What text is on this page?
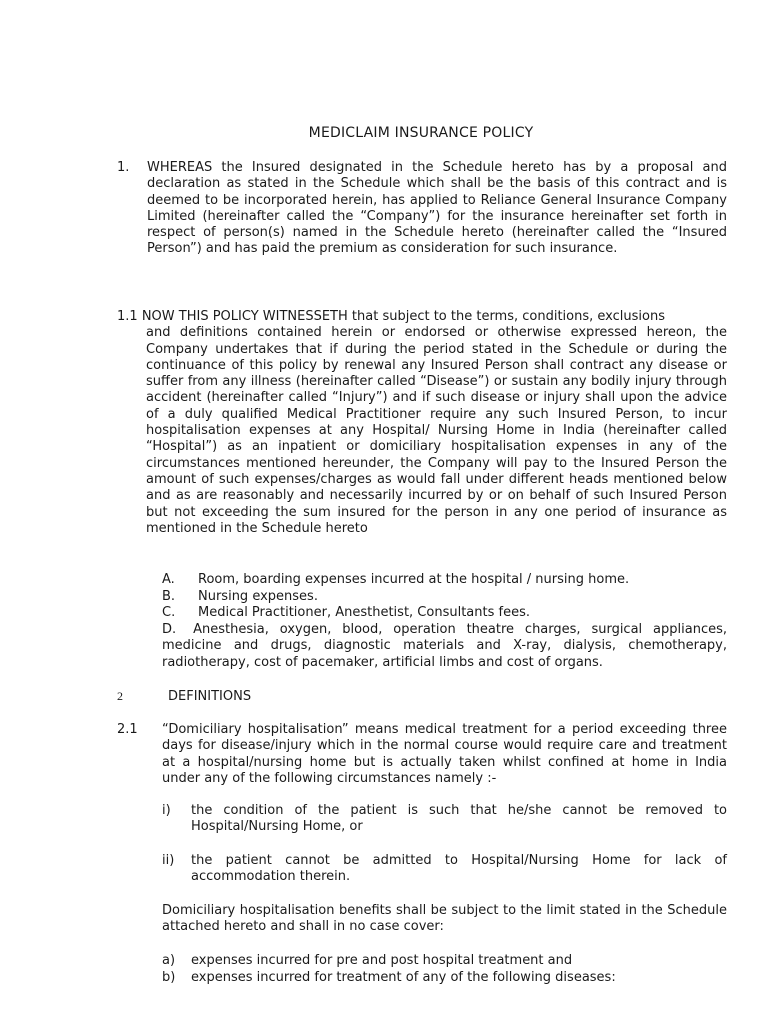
MEDICLAIM INSURANCE POLICY
1. WHEREAS the Insured designated in the Schedule hereto has by a proposal and declaration as stated in the Schedule which shall be the basis of this contract and is deemed to be incorporated herein, has applied to Reliance General Insurance Company Limited (hereinafter called the “Company”) for the insurance hereinafter set forth in respect of person(s) named in the Schedule hereto (hereinafter called the “Insured Person”) and has paid the premium as consideration for such insurance.
1.1 NOW THIS POLICY WITNESSETH that subject to the terms, conditions, exclusions
and definitions contained herein or endorsed or otherwise expressed hereon, the Company undertakes that if during the period stated in the Schedule or during the continuance of this policy by renewal any Insured Person shall contract any disease or suffer from any illness (hereinafter called “Disease”) or sustain any bodily injury through accident (hereinafter called “Injury”) and if such disease or injury shall upon the advice of a duly qualified Medical Practitioner require any such Insured Person, to incur hospitalisation expenses at any Hospital/ Nursing Home in India (hereinafter called “Hospital”) as an inpatient or domiciliary hospitalisation expenses in any of the circumstances mentioned hereunder, the Company will pay to the Insured Person the amount of such expenses/charges as would fall under different heads mentioned below and as are reasonably and necessarily incurred by or on behalf of such Insured Person but not exceeding the sum insured for the person in any one period of insurance as mentioned in the Schedule hereto
A. Room, boarding expenses incurred at the hospital / nursing home.
B. Nursing expenses.
C. Medical Practitioner, Anesthetist, Consultants fees.
D. Anesthesia, oxygen, blood, operation theatre charges, surgical appliances, medicine and drugs, diagnostic materials and X-ray, dialysis, chemotherapy, radiotherapy, cost of pacemaker, artificial limbs and cost of organs.
2	DEFINITIONS
2.1 “Domiciliary hospitalisation” means medical treatment for a period exceeding three days for disease/injury which in the normal course would require care and treatment at a hospital/nursing home but is actually taken whilst confined at home in India under any of the following circumstances namely :-
i) the condition of the patient is such that he/she cannot be removed to Hospital/Nursing Home, or
ii) the patient cannot be admitted to Hospital/Nursing Home for lack of accommodation therein.
Domiciliary hospitalisation benefits shall be subject to the limit stated in the Schedule attached hereto and shall in no case cover:
a) expenses incurred for pre and post hospital treatment and
b) expenses incurred for treatment of any of the following diseases:
